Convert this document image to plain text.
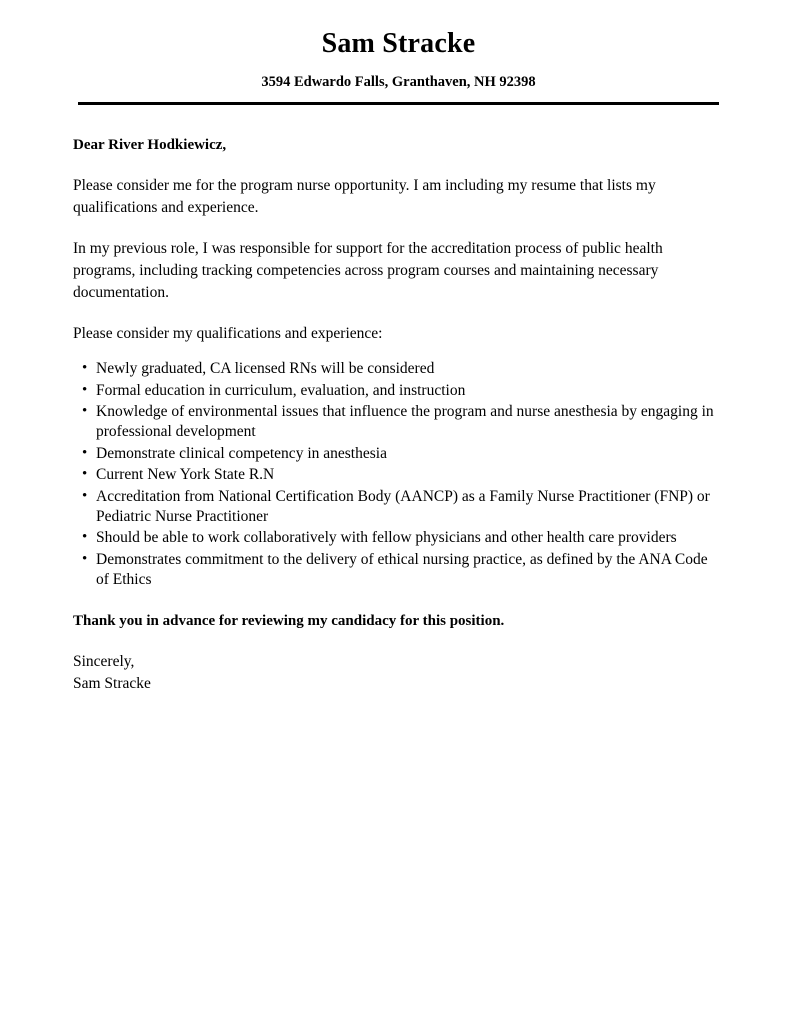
Sam Stracke
3594 Edwardo Falls, Granthaven, NH 92398

Dear River Hodkiewicz,

Please consider me for the program nurse opportunity. I am including my resume that lists my qualifications and experience.

In my previous role, I was responsible for support for the accreditation process of public health programs, including tracking competencies across program courses and maintaining necessary documentation.

Please consider my qualifications and experience:

• Newly graduated, CA licensed RNs will be considered
• Formal education in curriculum, evaluation, and instruction
• Knowledge of environmental issues that influence the program and nurse anesthesia by engaging in professional development
• Demonstrate clinical competency in anesthesia
• Current New York State R.N
• Accreditation from National Certification Body (AANCP) as a Family Nurse Practitioner (FNP) or Pediatric Nurse Practitioner
• Should be able to work collaboratively with fellow physicians and other health care providers
• Demonstrates commitment to the delivery of ethical nursing practice, as defined by the ANA Code of Ethics

Thank you in advance for reviewing my candidacy for this position.

Sincerely,
Sam Stracke
